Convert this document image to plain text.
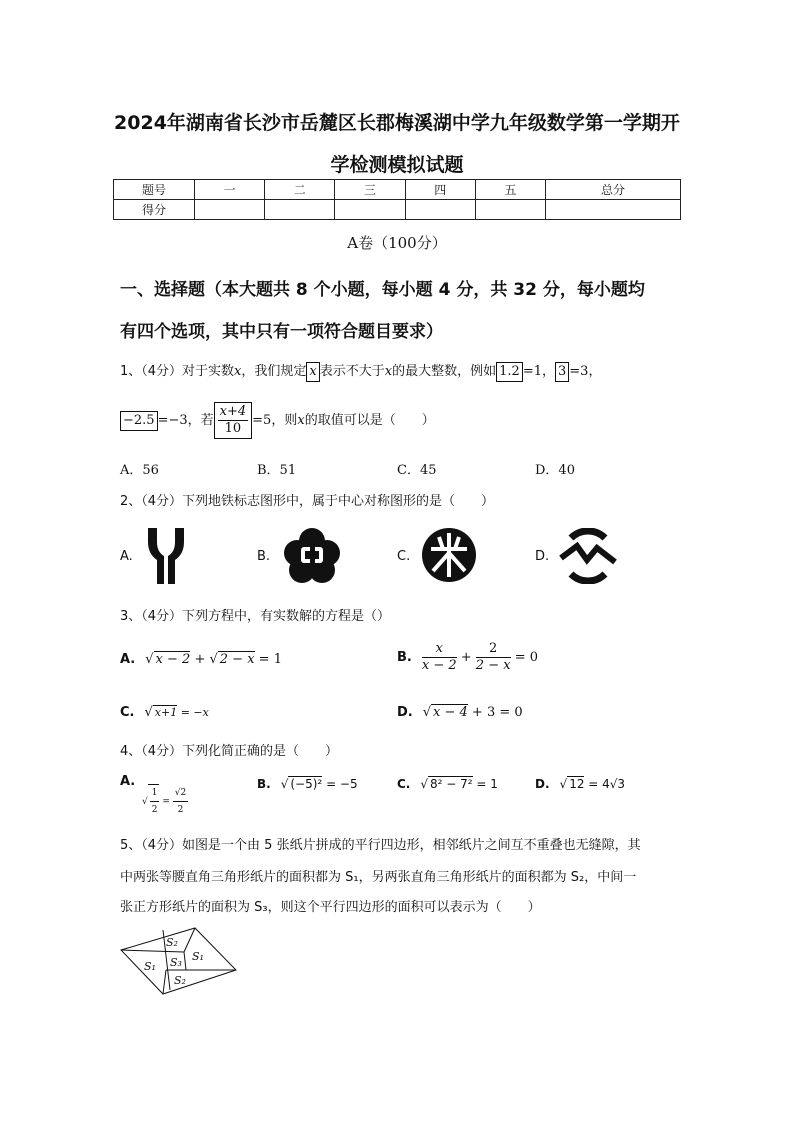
2024年湖南省长沙市岳麓区长郡梅溪湖中学九年级数学第一学期开
学检测模拟试题
题号	一	二	三	四	五	总分
得分						
A卷（100分）
一、选择题（本大题共 8 个小题，每小题 4 分，共 32 分，每小题均
有四个选项，其中只有一项符合题目要求）
1、（4分）对于实数x，我们规定 x 表示不大于x的最大整数，例如 1.2 =1， 3 =3，
−2.5 =−3，若 $\frac{x+4}{10} =5$，则x的取值可以是（　　）
A．56	B．51	C．45	D．40
2、（4分）下列地铁标志图形中，属于中心对称图形的是（　　）
A.	B.	C.	D.
3、（4分）下列方程中，有实数解的方程是（）
A. √ x − 2 + √ 2 − x = 1	B. $\frac{x}{x - 2} + \frac{2}{2 - x} = 0$
C. √ x+1 = −x	D. √ x − 4 + 3 = 0
4、（4分）下列化简正确的是（　　）
A.
√ $\frac{1}{2} = \frac{√2}{2}$
B. √ (−5)² = −5	C. √ 8² − 7² = 1	D. √ 12 = 4√3
5、（4分）如图是一个由 5 张纸片拼成的平行四边形，相邻纸片之间互不重叠也无缝隙，其
中两张等腰直角三角形纸片的面积都为 S₁，另两张直角三角形纸片的面积都为 S₂，中间一
张正方形纸片的面积为 S₃，则这个平行四边形的面积可以表示为（　　）
S₂
S₁ S₃ S₁
S₂
